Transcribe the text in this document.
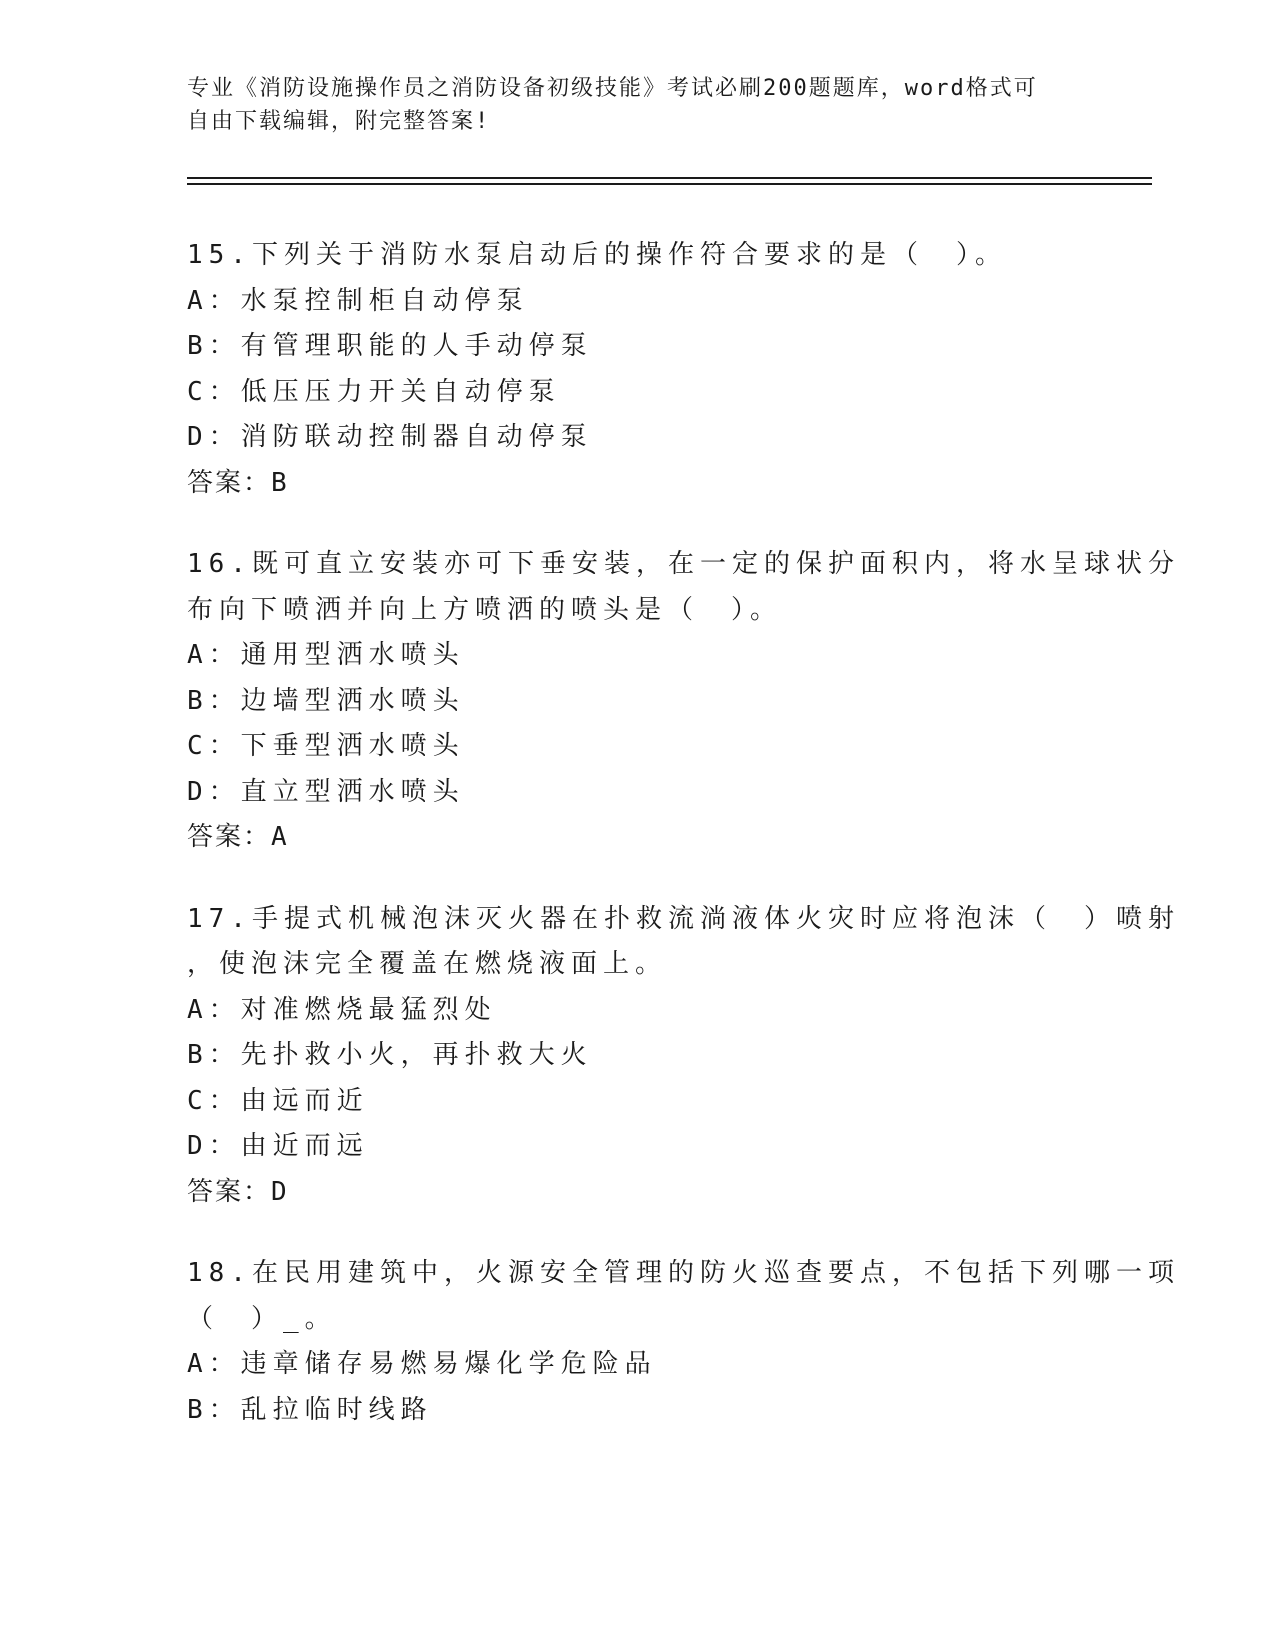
专业《消防设施操作员之消防设备初级技能》考试必刷200题题库，word格式可
自由下载编辑，附完整答案!
15.下列关于消防水泵启动后的操作符合要求的是（　）。
A：水泵控制柜自动停泵
B：有管理职能的人手动停泵
C：低压压力开关自动停泵
D：消防联动控制器自动停泵
答案：B
16.既可直立安装亦可下垂安装，在一定的保护面积内，将水呈球状分
布向下喷洒并向上方喷洒的喷头是（　）。
A：通用型洒水喷头
B：边墙型洒水喷头
C：下垂型洒水喷头
D：直立型洒水喷头
答案：A
17.手提式机械泡沫灭火器在扑救流淌液体火灾时应将泡沫（　）喷射
，使泡沫完全覆盖在燃烧液面上。
A：对准燃烧最猛烈处
B：先扑救小火，再扑救大火
C：由远而近
D：由近而远
答案：D
18.在民用建筑中，火源安全管理的防火巡查要点，不包括下列哪一项
（　）_。
A：违章储存易燃易爆化学危险品
B：乱拉临时线路
